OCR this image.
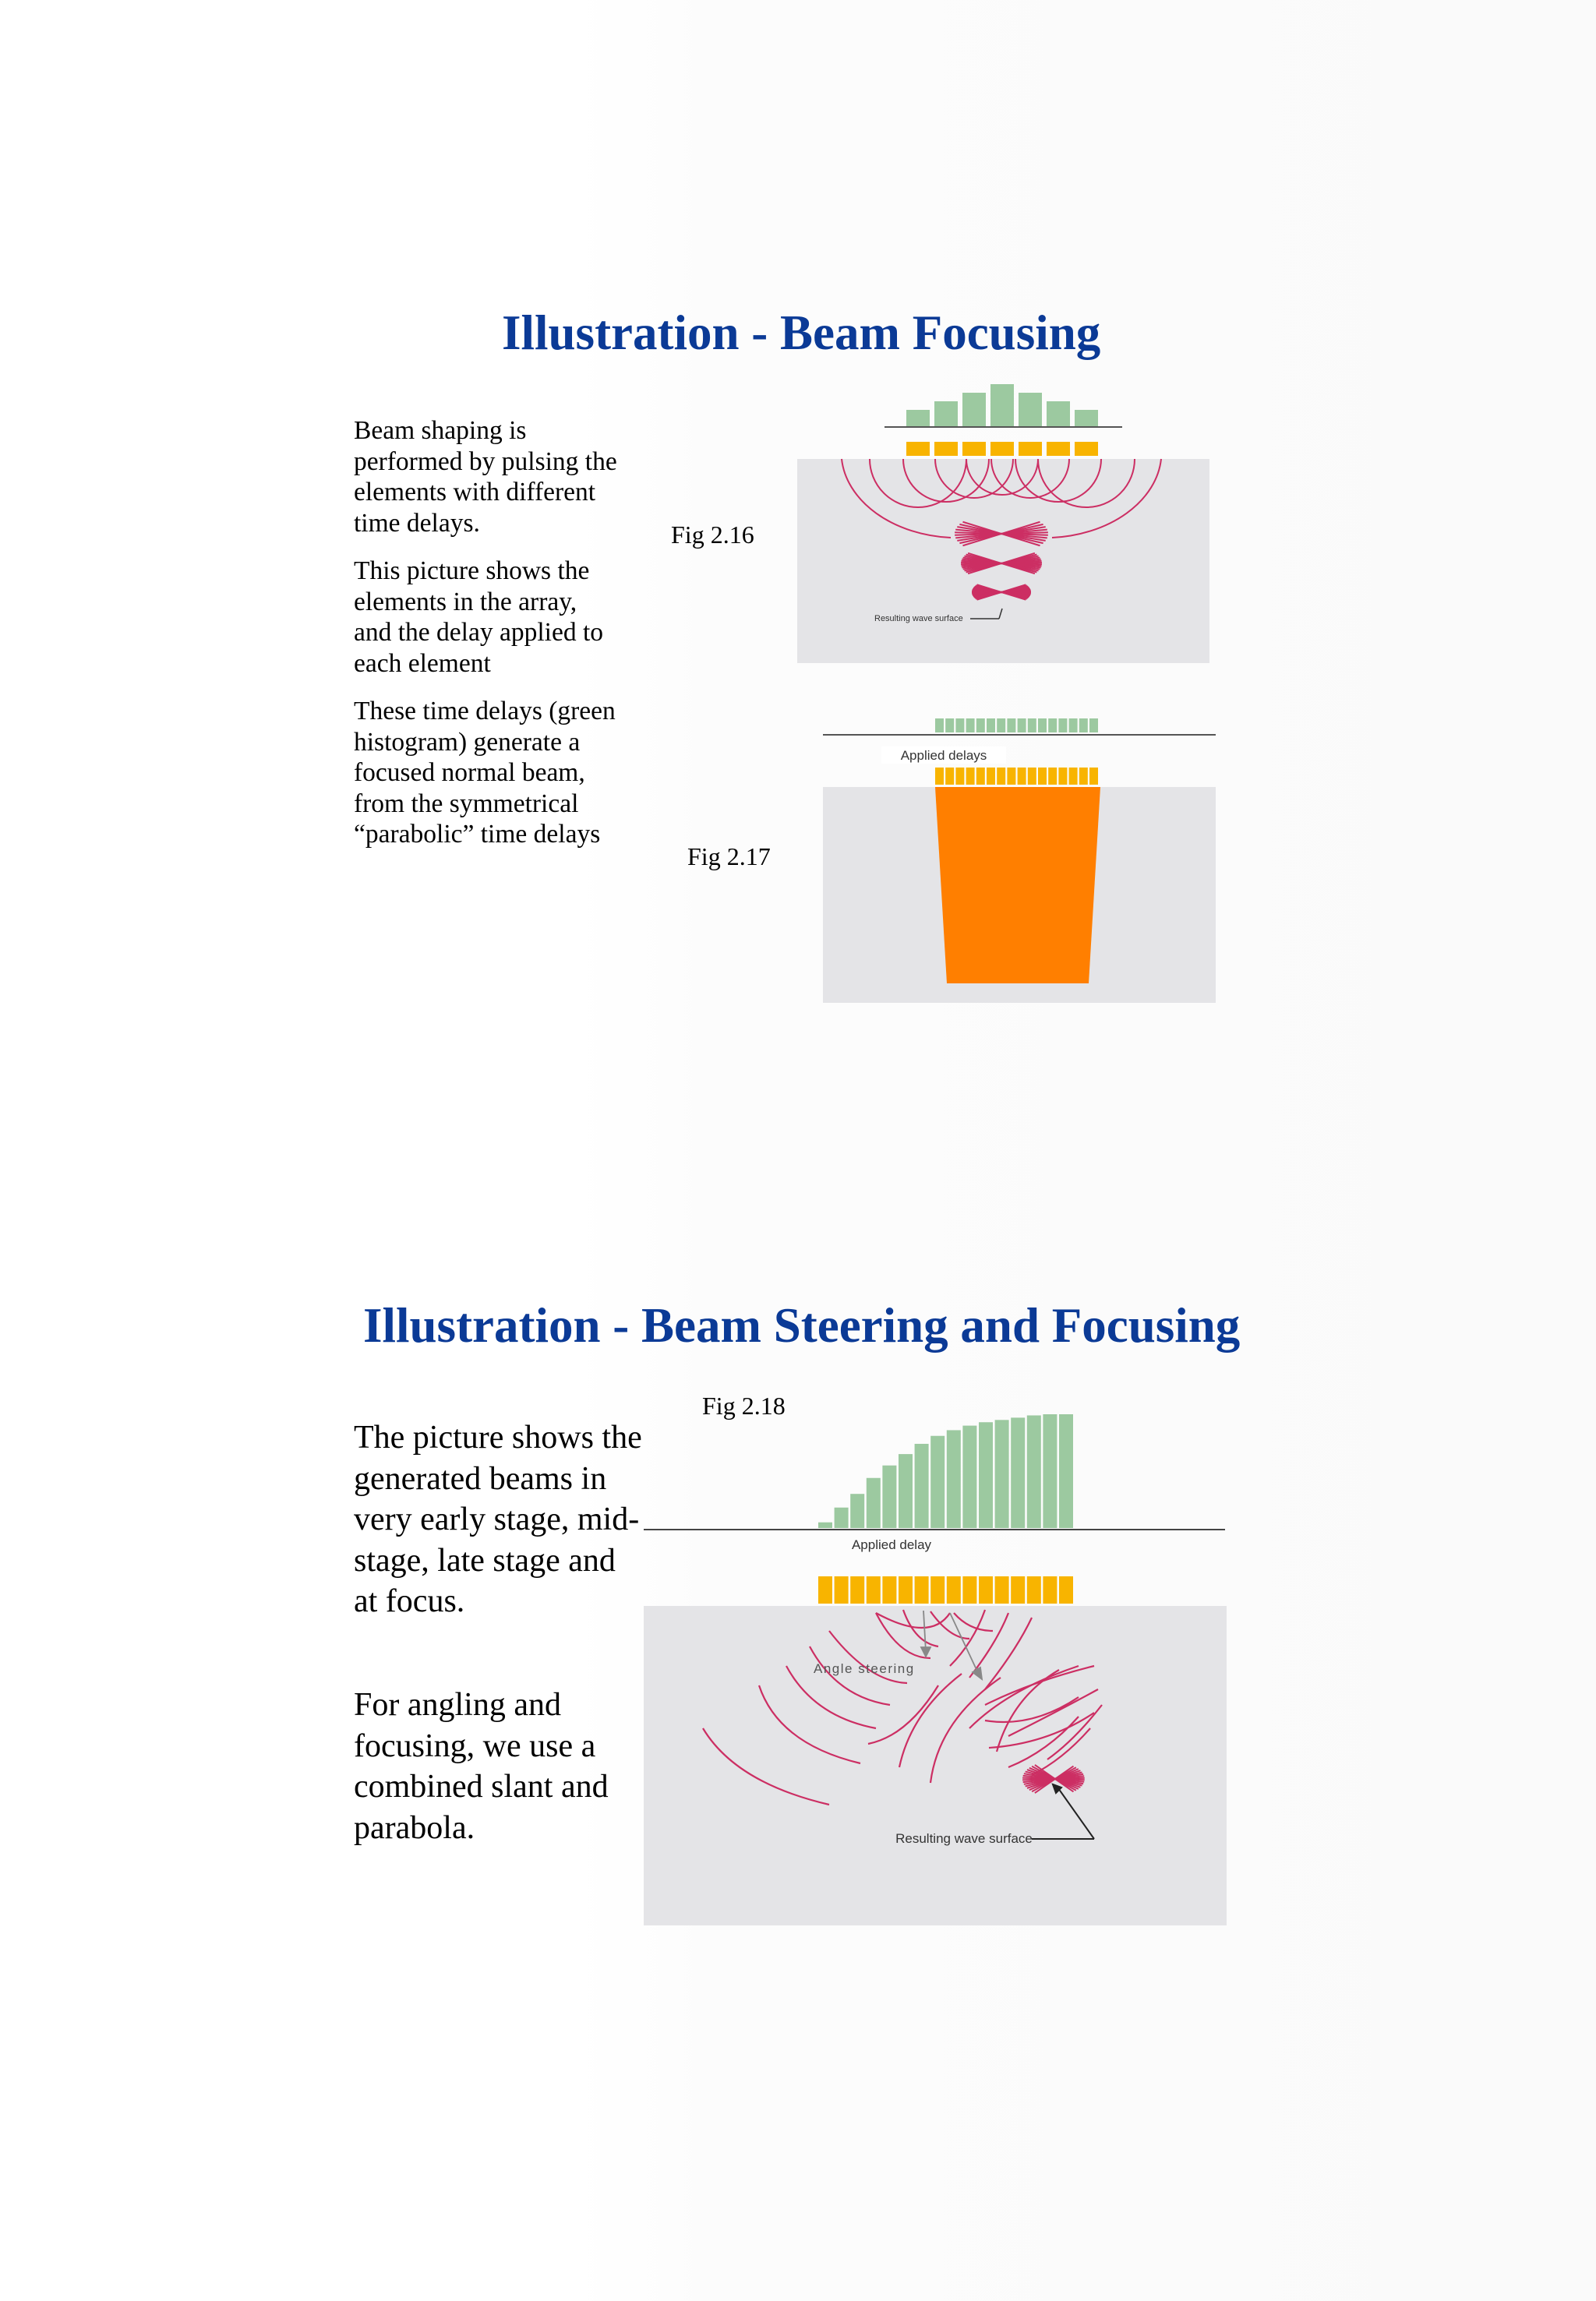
Illustration - Beam Focusing

Beam shaping is performed by pulsing the elements with different time delays.

This picture shows the elements in the array, and the delay applied to each element

These time delays (green histogram) generate a focused normal beam, from the symmetrical “parabolic” time delays

Fig 2.16
Fig 2.17
Resulting wave surface
Applied delays
Illustration - Beam Steering and Focusing

The picture shows the generated beams in very early stage, mid-stage, late stage and at focus.

For angling and focusing, we use a combined slant and parabola.

Fig 2.18
Applied delay
Angle steering
Resulting wave surface
